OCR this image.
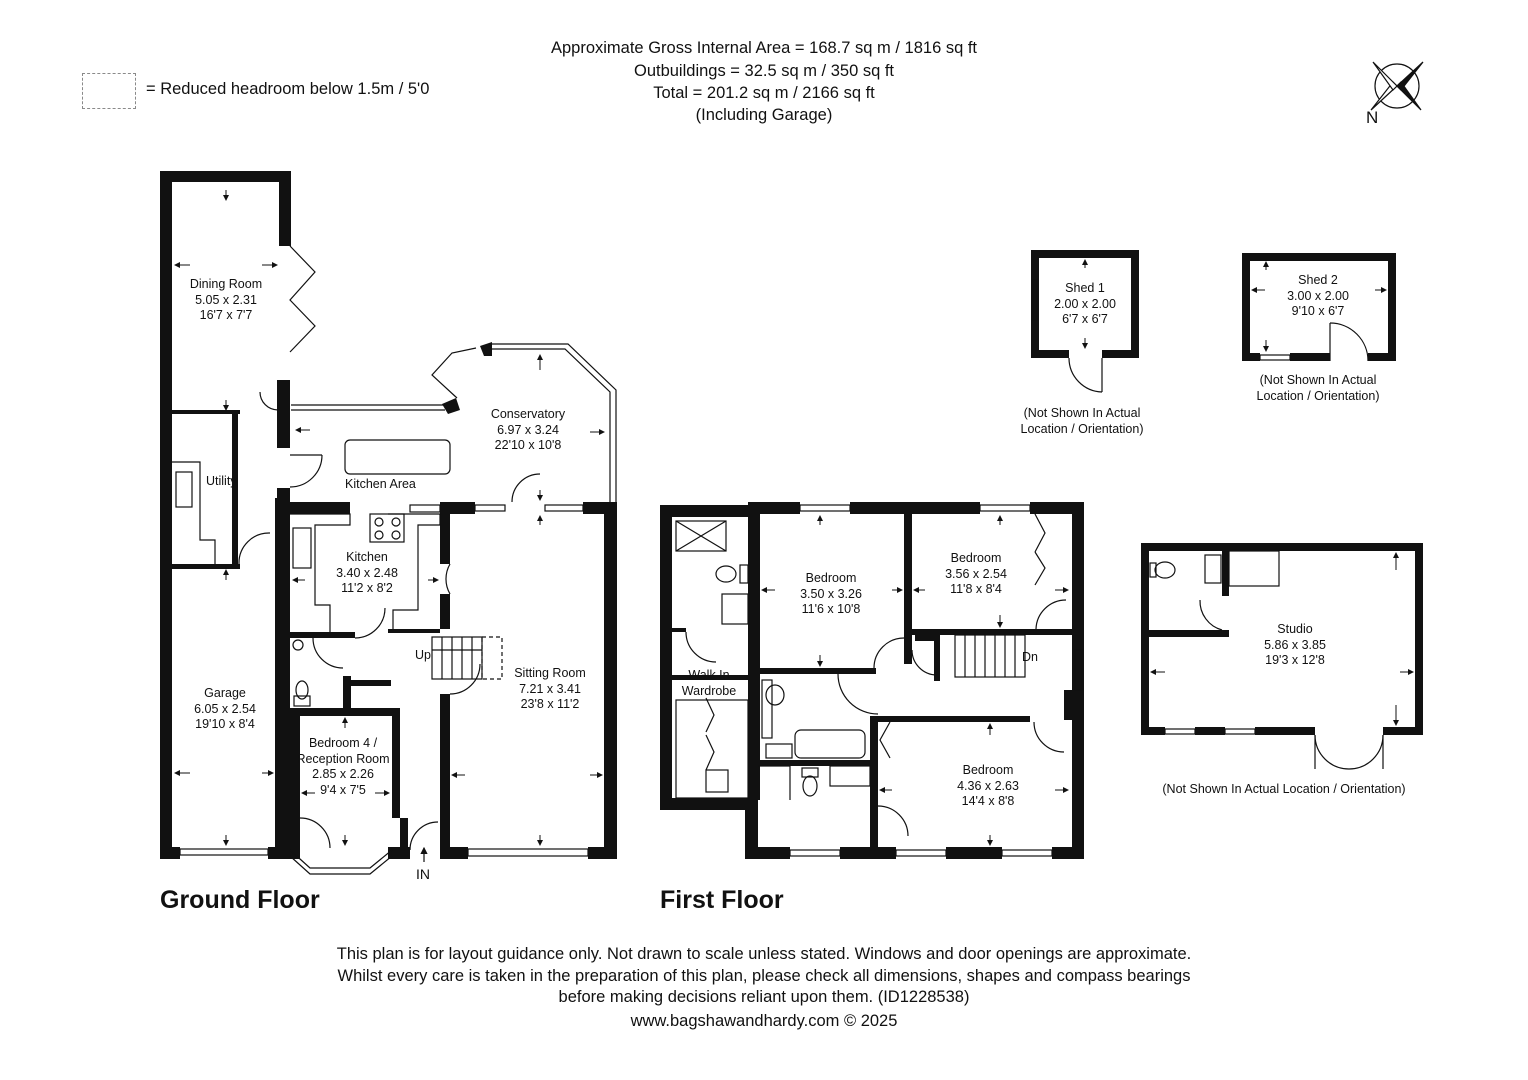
Approximate Gross Internal Area = 168.7 sq m / 1816 sq ft
Outbuildings = 32.5 sq m / 350 sq ft
Total = 201.2 sq m / 2166 sq ft
(Including Garage)
= Reduced headroom below 1.5m / 5'0
N
Dining Room
5.05 x 2.31
16'7 x 7'7
Conservatory
6.97 x 3.24
22'10 x 10'8
Utility	Kitchen Area
Kitchen
3.40 x 2.48
11'2 x 8'2
Garage
6.05 x 2.54
19'10 x 8'4
Bedroom 4 /
Reception Room
2.85 x 2.26
9'4 x 7'5
Sitting Room
7.21 x 3.41
23'8 x 11'2
Up
IN
Ground Floor
Bedroom
3.50 x 3.26
11'6 x 10'8
Bedroom
3.56 x 2.54
11'8 x 8'4
Bedroom
4.36 x 2.63
14'4 x 8'8
Walk In
Wardrobe
Dn
First Floor
Shed 1
2.00 x 2.00
6'7 x 6'7
(Not Shown In Actual
Location / Orientation)
Shed 2
3.00 x 2.00
9'10 x 6'7
(Not Shown In Actual
Location / Orientation)
Studio
5.86 x 3.85
19'3 x 12'8
(Not Shown In Actual Location / Orientation)
This plan is for layout guidance only. Not drawn to scale unless stated. Windows and door openings are approximate.
Whilst every care is taken in the preparation of this plan, please check all dimensions, shapes and compass bearings
before making decisions reliant upon them. (ID1228538)
www.bagshawandhardy.com © 2025
